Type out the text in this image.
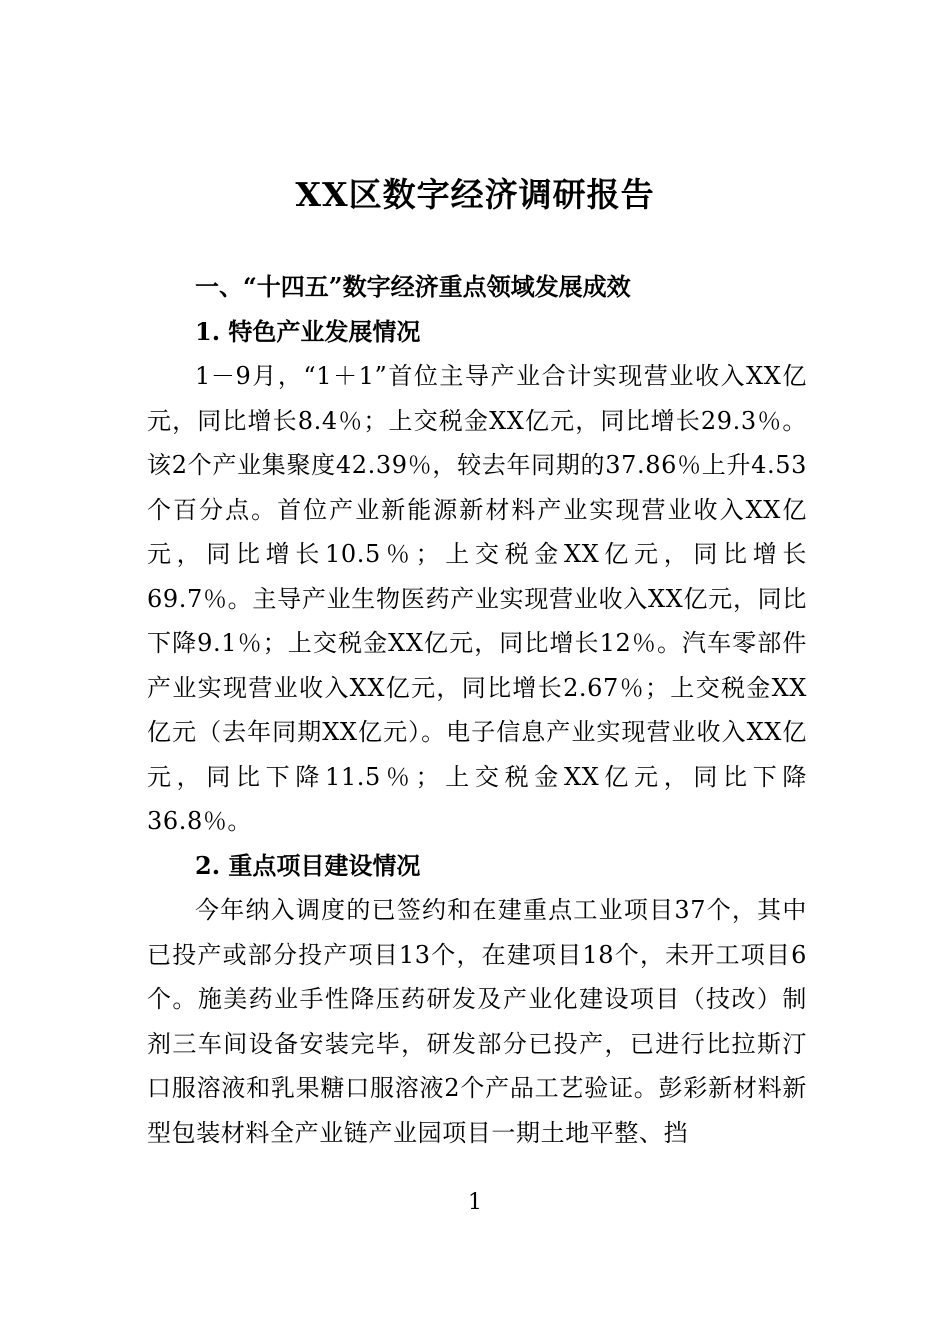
XX区数字经济调研报告

一、“十四五”数字经济重点领域发展成效

1. 特色产业发展情况

1－9月，“1＋1”首位主导产业合计实现营业收入XX亿元，同比增长8.4％；上交税金XX亿元，同比增长29.3％。该2个产业集聚度42.39％，较去年同期的37.86％上升4.53个百分点。首位产业新能源新材料产业实现营业收入XX亿元，同比增长10.5％；上交税金XX亿元，同比增长69.7％。主导产业生物医药产业实现营业收入XX亿元，同比下降9.1％；上交税金XX亿元，同比增长12％。汽车零部件产业实现营业收入XX亿元，同比增长2.67％；上交税金XX亿元（去年同期XX亿元）。电子信息产业实现营业收入XX亿元，同比下降11.5％；上交税金XX亿元，同比下降36.8％。

2. 重点项目建设情况

今年纳入调度的已签约和在建重点工业项目37个，其中已投产或部分投产项目13个，在建项目18个，未开工项目6个。施美药业手性降压药研发及产业化建设项目（技改）制剂三车间设备安装完毕，研发部分已投产，已进行比拉斯汀口服溶液和乳果糖口服溶液2个产品工艺验证。彭彩新材料新型包装材料全产业链产业园项目一期土地平整、挡

1
